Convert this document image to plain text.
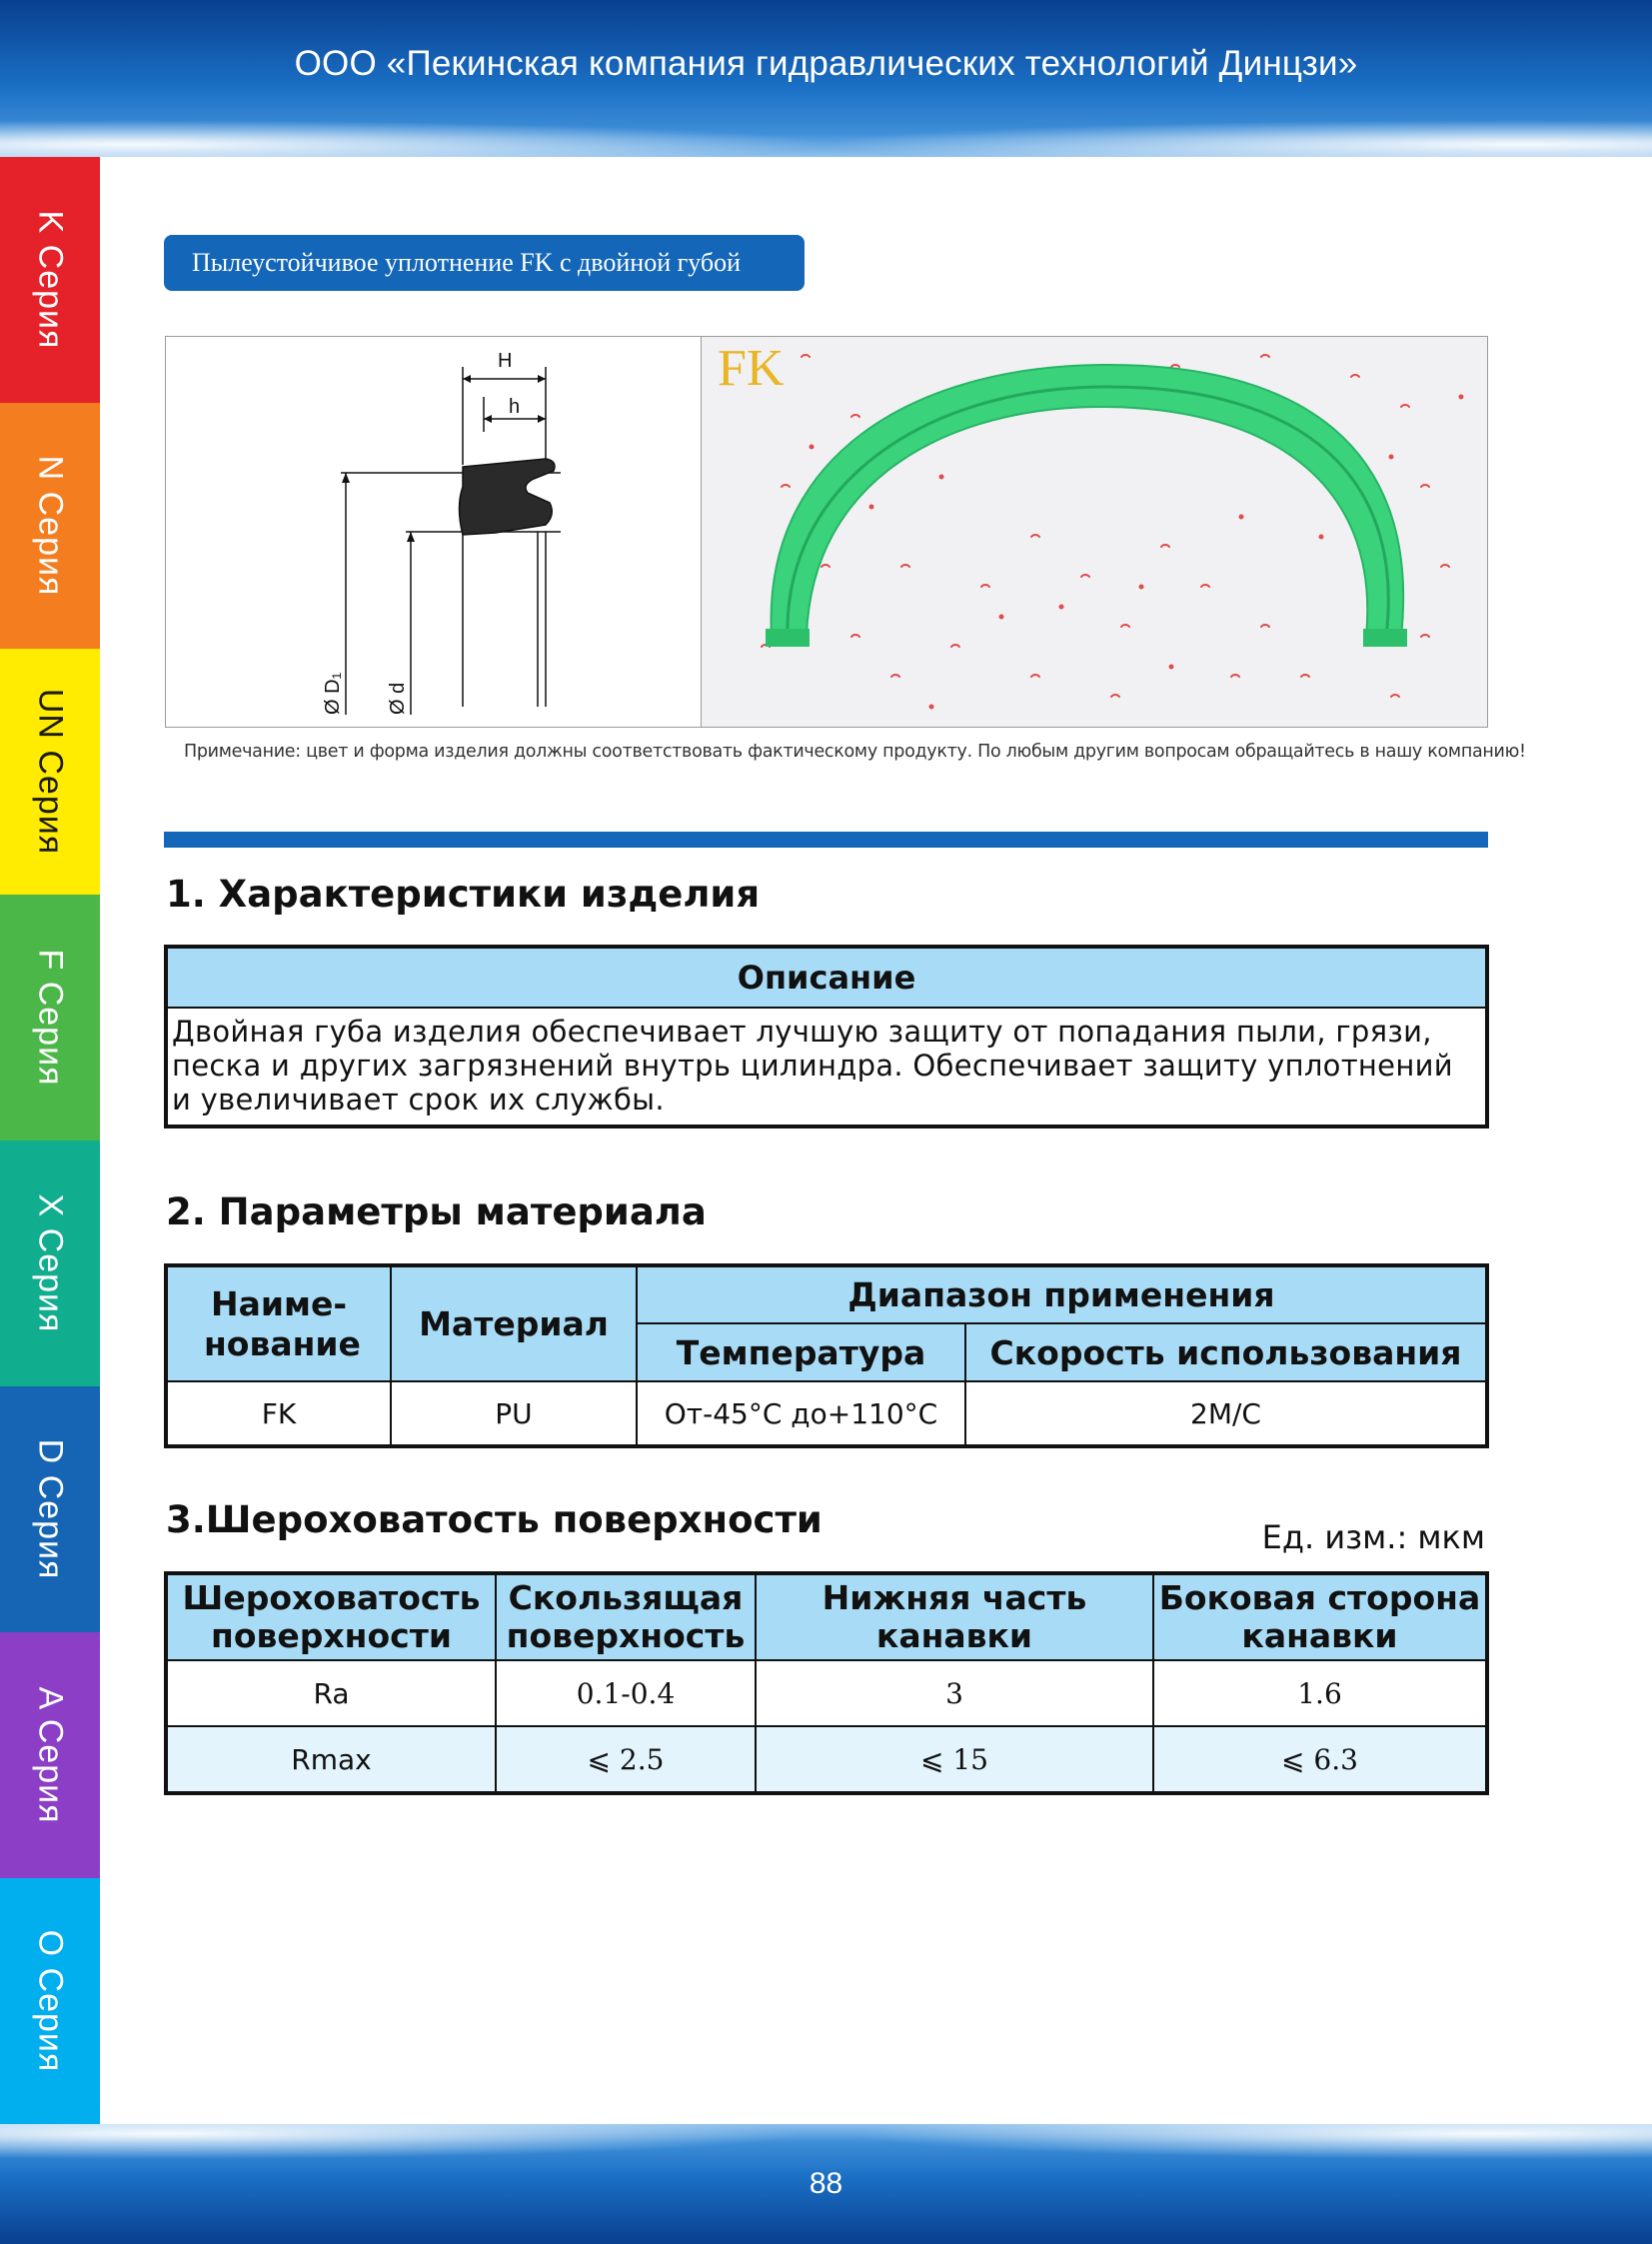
ООО «Пекинская компания гидравлических технологий Динцзи»
K Серия
N Серия
UN Серия
F Серия
X Серия
D Серия
A Серия
O Серия
Пылеустойчивое уплотнение FK с двойной губой
H
h
Ø D₁ Ø d
FK
Примечание: цвет и форма изделия должны соответствовать фактическому продукту. По любым другим вопросам обращайтесь в нашу компанию!
1. Характеристики изделия
Описание
Двойная губа изделия обеспечивает лучшую защиту от попадания пыли, грязи, песка и других загрязнений внутрь цилиндра. Обеспечивает защиту уплотнений и увеличивает срок их службы.
2. Параметры материала
Наиме-нование	Материал	Диапазон применения	
		Температура	Скорость использования
FK	PU	От-45°C до+110°C	2М/С
3.Шероховатость поверхности	Ед. изм.: мкм
Шероховатость поверхности	Скользящая поверхность	Нижняя часть канавки	Боковая сторона канавки
Ra	0.1-0.4	3	1.6
Rmax	⩽ 2.5	⩽ 15	⩽ 6.3
88
